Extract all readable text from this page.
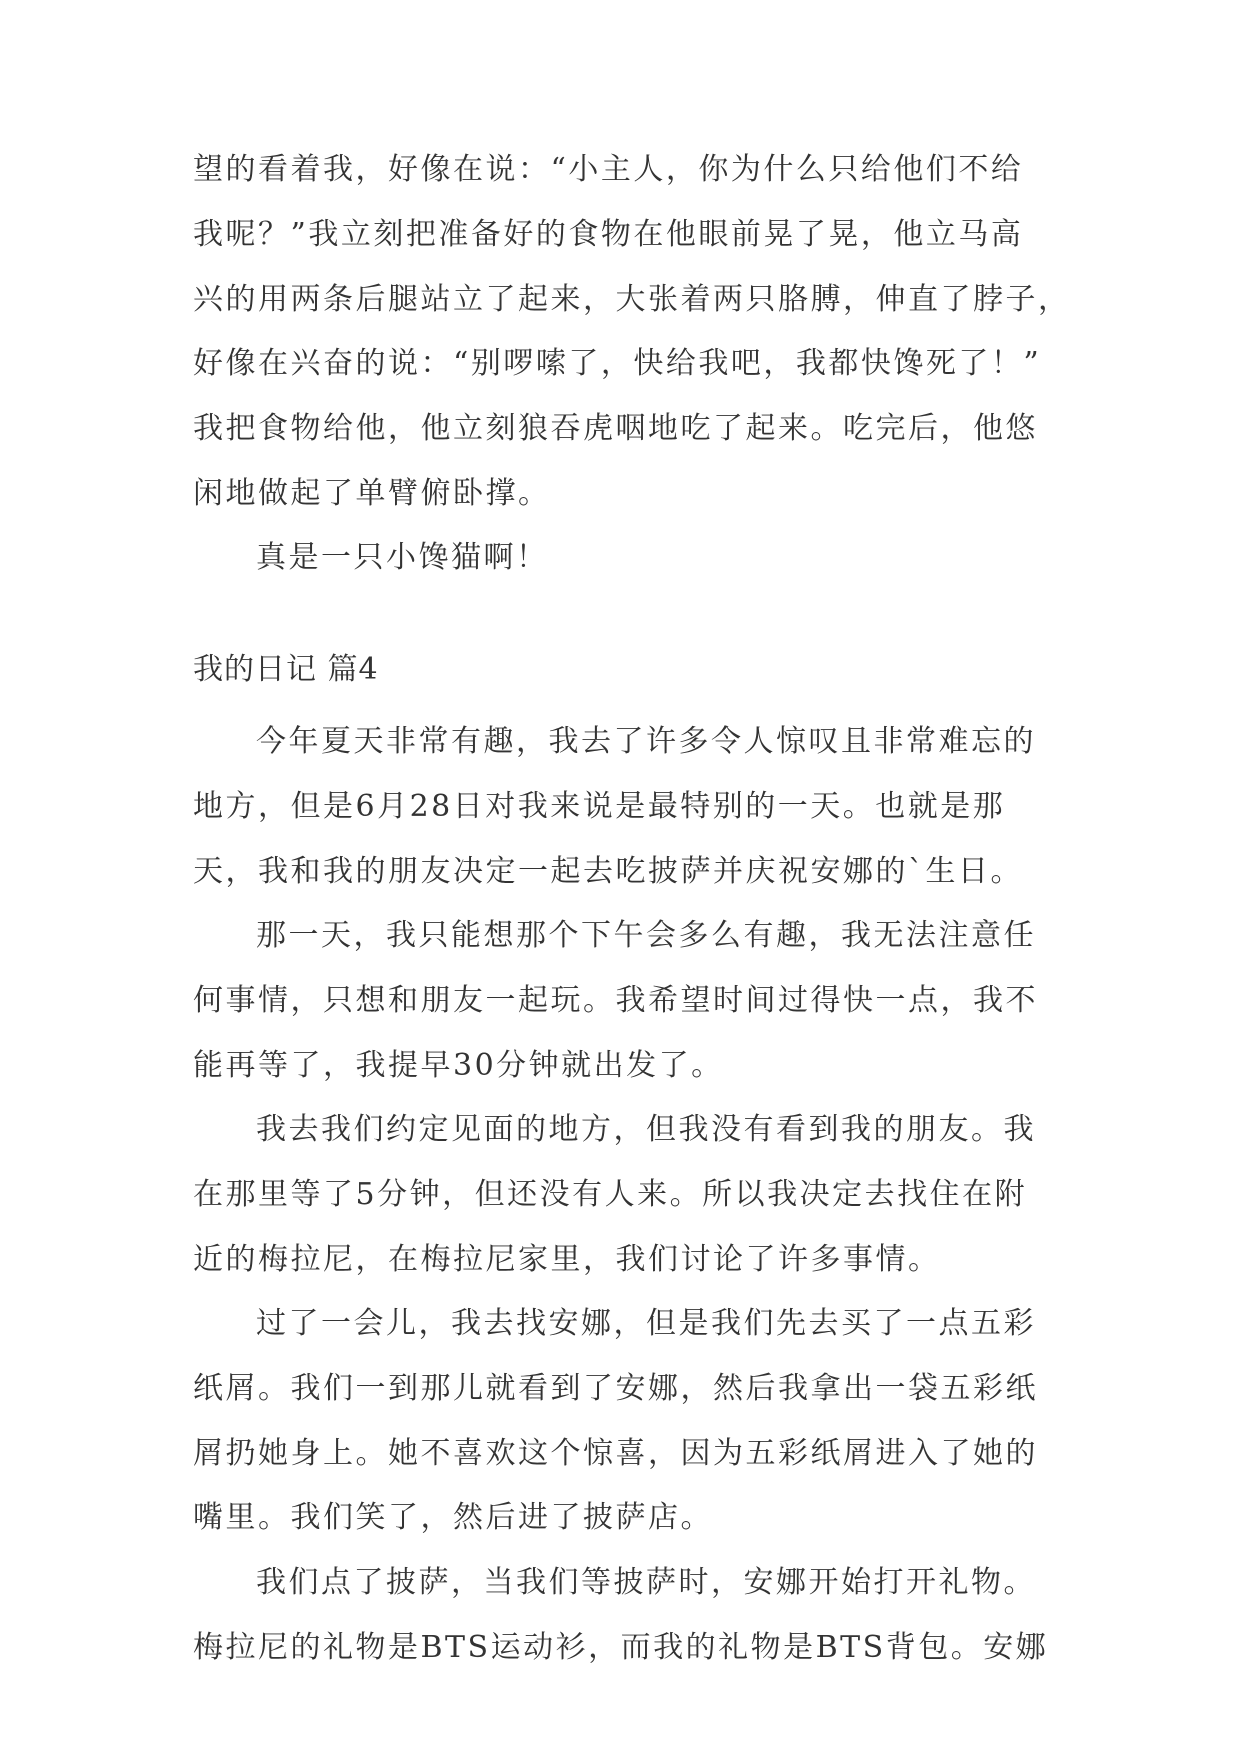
望的看着我，好像在说：“小主人，你为什么只给他们不给
我呢？”我立刻把准备好的食物在他眼前晃了晃，他立马高
兴的用两条后腿站立了起来，大张着两只胳膊，伸直了脖子，
好像在兴奋的说：“别啰嗦了，快给我吧，我都快馋死了！”
我把食物给他，他立刻狼吞虎咽地吃了起来。吃完后，他悠
闲地做起了单臂俯卧撑。
真是一只小馋猫啊！
我的日记 篇4
今年夏天非常有趣，我去了许多令人惊叹且非常难忘的
地方，但是6月28日对我来说是最特别的一天。也就是那
天，我和我的朋友决定一起去吃披萨并庆祝安娜的`生日。
那一天，我只能想那个下午会多么有趣，我无法注意任
何事情，只想和朋友一起玩。我希望时间过得快一点，我不
能再等了，我提早30分钟就出发了。
我去我们约定见面的地方，但我没有看到我的朋友。我
在那里等了5分钟，但还没有人来。所以我决定去找住在附
近的梅拉尼，在梅拉尼家里，我们讨论了许多事情。
过了一会儿，我去找安娜，但是我们先去买了一点五彩
纸屑。我们一到那儿就看到了安娜，然后我拿出一袋五彩纸
屑扔她身上。她不喜欢这个惊喜，因为五彩纸屑进入了她的
嘴里。我们笑了，然后进了披萨店。
我们点了披萨，当我们等披萨时，安娜开始打开礼物。
梅拉尼的礼物是BTS运动衫，而我的礼物是BTS背包。安娜
